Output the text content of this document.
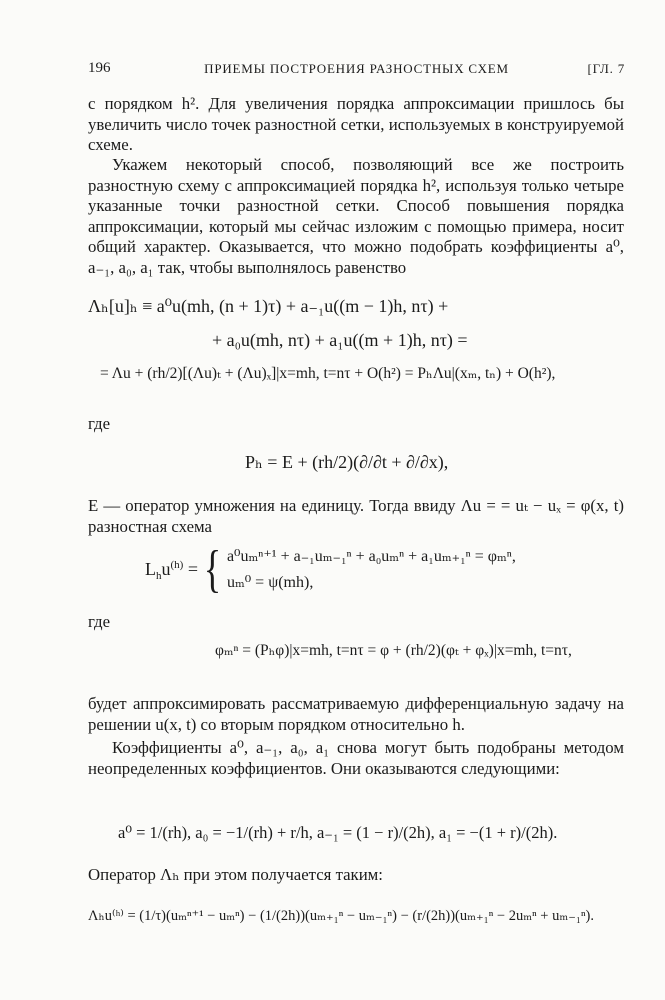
196	ПРИЕМЫ ПОСТРОЕНИЯ РАЗНОСТНЫХ СХЕМ	[ГЛ. 7

с порядком h². Для увеличения порядка аппроксимации пришлось бы увеличить число точек разностной сетки, используемых в конструируемой схеме.

Укажем некоторый способ, позволяющий все же построить разностную схему с аппроксимацией порядка h², используя только четыре указанные точки разностной сетки. Способ повышения порядка аппроксимации, который мы сейчас изложим с помощью примера, носит общий характер. Оказывается, что можно подобрать коэффициенты a⁰, a₋₁, a₀, a₁ так, чтобы выполнялось равенство

Λₕ[u]ₕ ≡ a⁰u(mh, (n + 1)τ) + a₋₁u((m − 1)h, nτ) +
+ a₀u(mh, nτ) + a₁u((m + 1)h, nτ) =
= Λu + (rh/2)[(Λu)ₜ + (Λu)ₓ]|x=mh, t=nτ + O(h²) = PₕΛu|(xₘ, tₙ) + O(h²),
где
Pₕ = E + (rh/2)(∂/∂t + ∂/∂x),

E — оператор умножения на единицу. Тогда ввиду Λu = = uₜ − uₓ = φ(x, t) разностная схема

$L_hu^{(h)}$ = { a⁰uₘⁿ⁺¹ + a₋₁uₘ₋₁ⁿ + a₀uₘⁿ + a₁uₘ₊₁ⁿ = φₘⁿ,
uₘ⁰ = ψ(mh),
где
φₘⁿ = (Pₕφ)|x=mh, t=nτ = φ + (rh/2)(φₜ + φₓ)|x=mh, t=nτ,

будет аппроксимировать рассматриваемую дифференциальную задачу на решении u(x, t) со вторым порядком относительно h.

Коэффициенты a⁰, a₋₁, a₀, a₁ снова могут быть подобраны методом неопределенных коэффициентов. Они оказываются следующими:

a⁰ = 1/(rh), a₀ = −1/(rh) + r/h, a₋₁ = (1 − r)/(2h), a₁ = −(1 + r)/(2h).
Оператор Λₕ при этом получается таким:
Λₕu⁽ʰ⁾ = (1/τ)(uₘⁿ⁺¹ − uₘⁿ) − (1/(2h))(uₘ₊₁ⁿ − uₘ₋₁ⁿ) − (r/(2h))(uₘ₊₁ⁿ − 2uₘⁿ + uₘ₋₁ⁿ).
